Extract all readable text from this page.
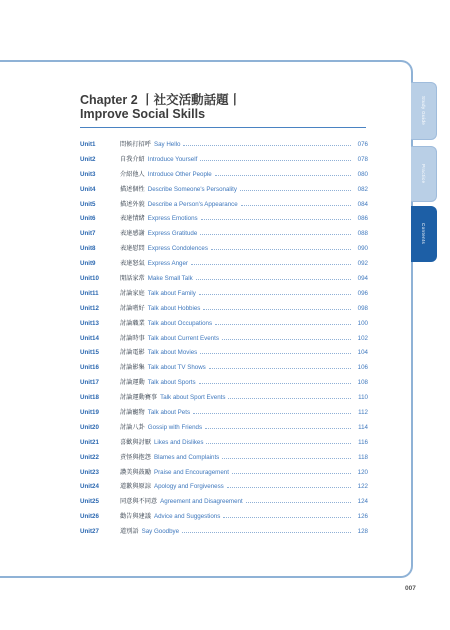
Study Guide
Practice
Contents
Chapter 2 丨社交活動話題丨
Improve Social Skills
Unit1	問候打招呼 Say Hello	076
Unit2	自我介紹 Introduce Yourself	078
Unit3	介紹他人 Introduce Other People	080
Unit4	描述個性 Describe Someone's Personality	082
Unit5	描述外貌 Describe a Person's Appearance	084
Unit6	表達情緒 Express Emotions	086
Unit7	表達感謝 Express Gratitude	088
Unit8	表達慰問 Express Condolences	090
Unit9	表達怒氣 Express Anger	092
Unit10	閒話家常 Make Small Talk	094
Unit11	討論家庭 Talk about Family	096
Unit12	討論嗜好 Talk about Hobbies	098
Unit13	討論職業 Talk about Occupations	100
Unit14	討論時事 Talk about Current Events	102
Unit15	討論電影 Talk about Movies	104
Unit16	討論影集 Talk about TV Shows	106
Unit17	討論運動 Talk about Sports	108
Unit18	討論運動賽事 Talk about Sport Events	110
Unit19	討論寵物 Talk about Pets	112
Unit20	討論八卦 Gossip with Friends	114
Unit21	喜歡與討厭 Likes and Dislikes	116
Unit22	責怪與抱怨 Blames and Complaints	118
Unit23	讚美與鼓勵 Praise and Encouragement	120
Unit24	道歉與原諒 Apology and Forgiveness	122
Unit25	同意與不同意 Agreement and Disagreement	124
Unit26	勸告與建議 Advice and Suggestions	126
Unit27	道別語 Say Goodbye	128
007
